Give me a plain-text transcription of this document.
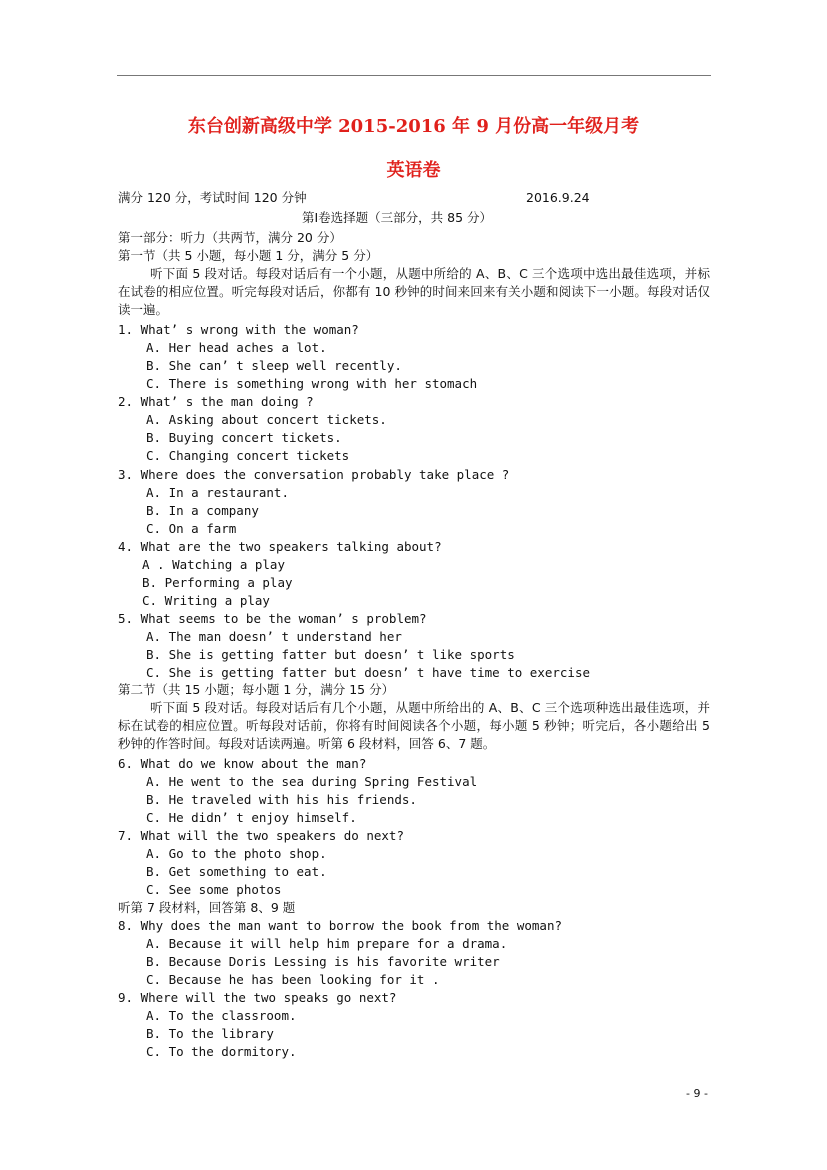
东台创新高级中学 2015-2016 年 9 月份高一年级月考
英语卷
满分 120 分，考试时间 120 分钟	2016.9.24
第Ⅰ卷选择题（三部分，共 85 分）
第一部分：听力（共两节，满分 20 分）
第一节（共 5 小题，每小题 1 分，满分 5 分）
听下面 5 段对话。每段对话后有一个小题，从题中所给的 A、B、C 三个选项中选出最佳选项，并标在试卷的相应位置。听完每段对话后，你都有 10 秒钟的时间来回来有关小题和阅读下一小题。每段对话仅读一遍。
1. What’ s wrong with the woman?
A. Her head aches a lot.
B. She can’ t sleep well recently.
C. There is something wrong with her stomach
2. What’ s the man doing ?
A. Asking about concert tickets.
B. Buying concert tickets.
C. Changing concert tickets
3. Where does the conversation probably take place ?
A. In a restaurant.
B. In a company
C. On a farm
4. What are the two speakers talking about?
A . Watching a play
B. Performing a play
C. Writing a play
5. What seems to be the woman’ s problem?
A. The man doesn’ t understand her
B. She is getting fatter but doesn’ t like sports
C. She is getting fatter but doesn’ t have time to exercise
第二节（共 15 小题；每小题 1 分，满分 15 分）
听下面 5 段对话。每段对话后有几个小题，从题中所给出的 A、B、C 三个选项种选出最佳选项，并标在试卷的相应位置。听每段对话前，你将有时间阅读各个小题，每小题 5 秒钟；听完后，各小题给出 5 秒钟的作答时间。每段对话读两遍。听第 6 段材料，回答 6、7 题。
6. What do we know about the man?
A. He went to the sea during Spring Festival
B. He traveled with his his friends.
C. He didn’ t enjoy himself.
7. What will the two speakers do next?
A. Go to the photo shop.
B. Get something to eat.
C. See some photos
听第 7 段材料，回答第 8、9 题
8. Why does the man want to borrow the book from the woman?
A. Because it will help him prepare for a drama.
B. Because Doris Lessing is his favorite writer
C. Because he has been looking for it .
9. Where will the two speaks go next?
A. To the classroom.
B. To the library
C. To the dormitory.
- 9 -
